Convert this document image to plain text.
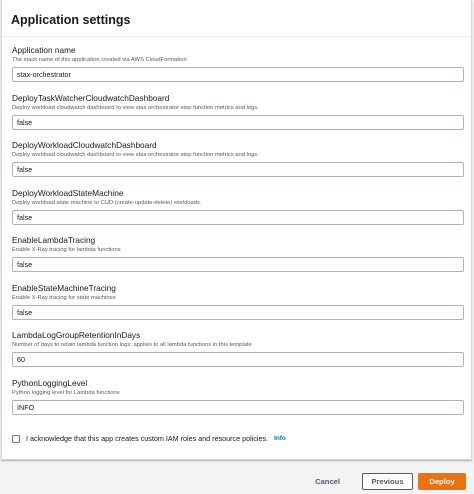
Application settings
Application name
The stack name of this application created via AWS CloudFormation
stax-orchestrator
DeployTaskWatcherCloudwatchDashboard
Deploy workload cloudwatch dashboard to view stax orchestrator step function metrics and logs.
false
DeployWorkloadCloudwatchDashboard
Deploy workload cloudwatch dashboard to view stax orchestrator step function metrics and logs.
false
DeployWorkloadStateMachine
Deploy workload state machine to CUD (create-update-delete) workloads.
false
EnableLambdaTracing
Enable X-Ray tracing for lambda functions
false
EnableStateMachineTracing
Enable X-Ray tracing for state machines
false
LambdaLogGroupRetentionInDays
Number of days to retain lambda function logs; applies to all lambda functions in this template
60
PythonLoggingLevel
Python logging level for Lambda functions
INFO
I acknowledge that this app creates custom IAM roles and resource policies. Info
Cancel	Previous	Deploy
